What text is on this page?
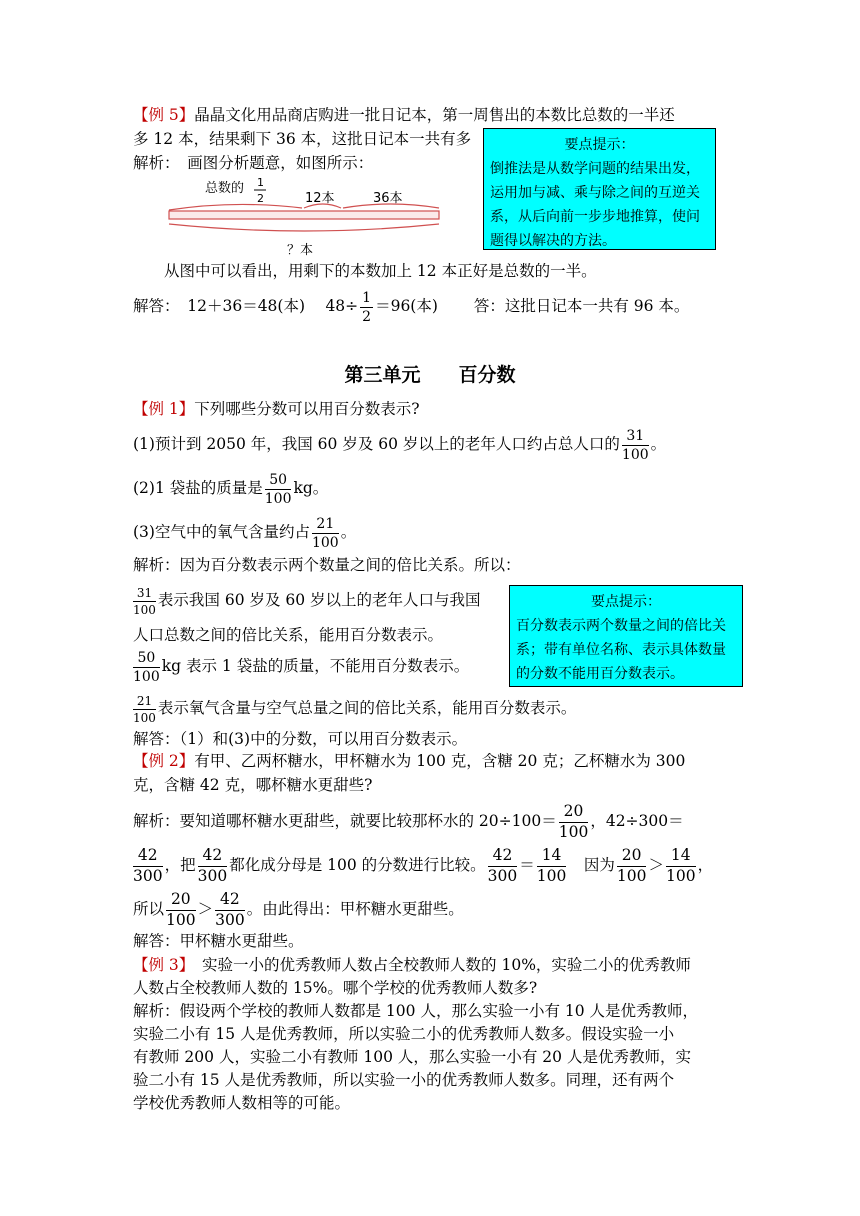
【例 5】晶晶文化用品商店购进一批日记本，第一周售出的本数比总数的一半还
多 12 本，结果剩下 36 本，这批日记本一共有多
解析：　画图分析题意，如图所示：
要点提示：
倒推法是从数学问题的结果出发，运用加与减、乘与除之间的互逆关系，从后向前一步步地推算，使问题得以解决的方法。
总数的 1
2	12本	36本
？本
从图中可以看出，用剩下的本数加上 12 本正好是总数的一半。
解答：　12＋36＝48(本)　 $48\div \frac{1}{2} =96$(本)　　 答：这批日记本一共有 96 本。
第三单元　　百分数
【例 1】下列哪些分数可以用百分数表示?
(1)预计到 2050 年，我国 60 岁及 60 岁以上的老年人口约占总人口的 $\frac{31}{100}$ 。
(2)1 袋盐的质量是 $\frac{50}{100}$ kg。
(3)空气中的氧气含量约占 $\frac{21}{100}$ 。
解析：因为百分数表示两个数量之间的倍比关系。所以：
要点提示：
百分数表示两个数量之间的倍比关系；带有单位名称、表示具体数量的分数不能用百分数表示。
$\frac{31}{100}$ 表示我国 60 岁及 60 岁以上的老年人口与我国
人口总数之间的倍比关系，能用百分数表示。
$\frac{50}{100}$ kg 表示 1 袋盐的质量，不能用百分数表示。
$\frac{21}{100}$ 表示氧气含量与空气总量之间的倍比关系，能用百分数表示。
解答：（1）和(3)中的分数，可以用百分数表示。
【例 2】有甲、乙两杯糖水，甲杯糖水为 100 克，含糖 20 克；乙杯糖水为 300
克，含糖 42 克，哪杯糖水更甜些?
解析：要知道哪杯糖水更甜些，就要比较那杯水的 $20\div 100= \frac{20}{100}$ ，42÷300＝
$\frac{42}{300}$ ，把 $\frac{42}{300}$ 都化成分母是 100 的分数进行比较。 $\frac{42}{300} = \frac{14}{100}$ 　因为 $\frac{20}{100} > \frac{14}{100}$ ，
所以 $\frac{20}{100} > \frac{42}{300}$ 。由此得出：甲杯糖水更甜些。
解答：甲杯糖水更甜些。
【例 3】　实验一小的优秀教师人数占全校教师人数的 10%，实验二小的优秀教师
人数占全校教师人数的 15%。哪个学校的优秀教师人数多?
解析：假设两个学校的教师人数都是 100 人，那么实验一小有 10 人是优秀教师，
实验二小有 15 人是优秀教师，所以实验二小的优秀教师人数多。假设实验一小
有教师 200 人，实验二小有教师 100 人，那么实验一小有 20 人是优秀教师，实
验二小有 15 人是优秀教师，所以实验一小的优秀教师人数多。同理，还有两个
学校优秀教师人数相等的可能。
